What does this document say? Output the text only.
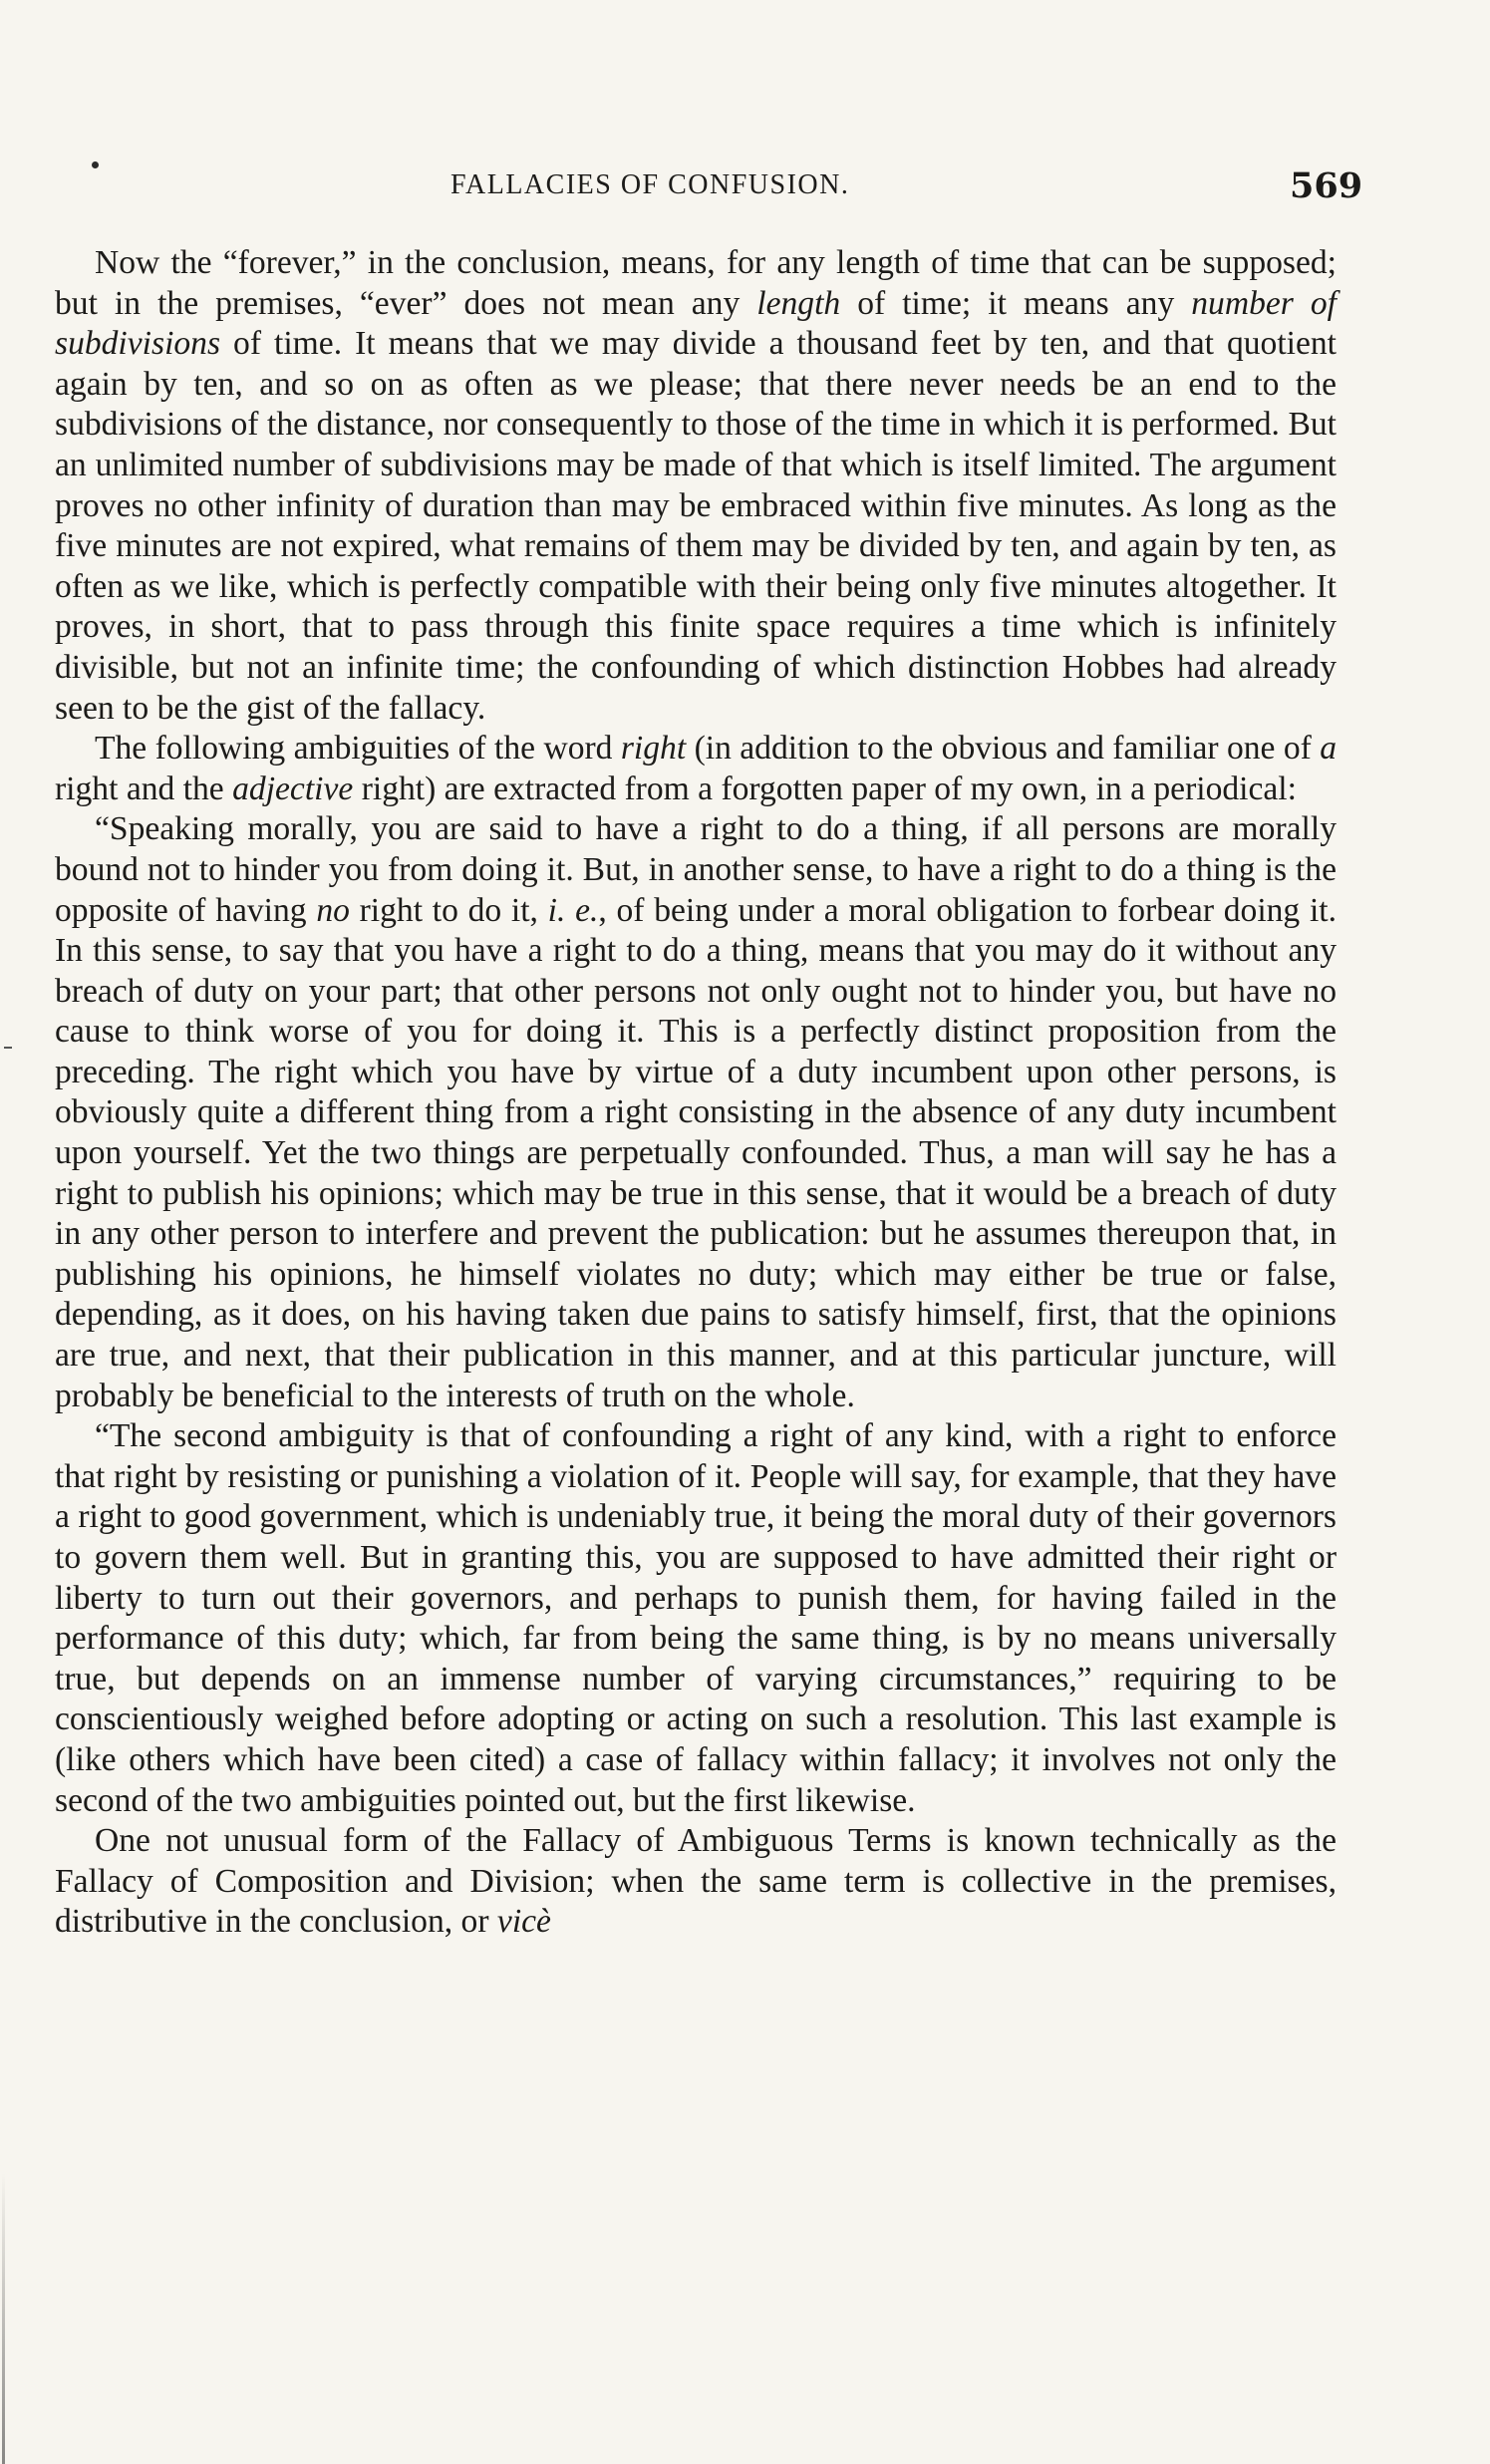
FALLACIES OF CONFUSION.	569

Now the “forever,” in the conclusion, means, for any length of time that can be supposed; but in the premises, “ever” does not mean any length of time; it means any number of subdivisions of time. It means that we may divide a thousand feet by ten, and that quotient again by ten, and so on as often as we please; that there never needs be an end to the subdivisions of the distance, nor consequently to those of the time in which it is performed. But an unlimited number of subdivisions may be made of that which is itself limited. The argument proves no other infinity of duration than may be embraced within five minutes. As long as the five minutes are not expired, what remains of them may be divided by ten, and again by ten, as often as we like, which is perfectly compatible with their being only five minutes altogether. It proves, in short, that to pass through this finite space requires a time which is infinitely divisible, but not an infinite time; the confounding of which distinction Hobbes had already seen to be the gist of the fallacy.

The following ambiguities of the word right (in addition to the obvious and familiar one of a right and the adjective right) are extracted from a forgotten paper of my own, in a periodical:

“Speaking morally, you are said to have a right to do a thing, if all persons are morally bound not to hinder you from doing it. But, in another sense, to have a right to do a thing is the opposite of having no right to do it, i. e., of being under a moral obligation to forbear doing it. In this sense, to say that you have a right to do a thing, means that you may do it without any breach of duty on your part; that other persons not only ought not to hinder you, but have no cause to think worse of you for doing it. This is a perfectly distinct proposition from the preceding. The right which you have by virtue of a duty incumbent upon other persons, is obviously quite a different thing from a right consisting in the absence of any duty incumbent upon yourself. Yet the two things are perpetually confounded. Thus, a man will say he has a right to publish his opinions; which may be true in this sense, that it would be a breach of duty in any other person to interfere and prevent the publication: but he assumes thereupon that, in publishing his opinions, he himself violates no duty; which may either be true or false, depending, as it does, on his having taken due pains to satisfy himself, first, that the opinions are true, and next, that their publication in this manner, and at this particular juncture, will probably be beneficial to the interests of truth on the whole.

“The second ambiguity is that of confounding a right of any kind, with a right to enforce that right by resisting or punishing a violation of it. People will say, for example, that they have a right to good government, which is undeniably true, it being the moral duty of their governors to govern them well. But in granting this, you are supposed to have admitted their right or liberty to turn out their governors, and perhaps to punish them, for having failed in the performance of this duty; which, far from being the same thing, is by no means universally true, but depends on an immense number of varying circumstances,” requiring to be conscientiously weighed before adopting or acting on such a resolution. This last example is (like others which have been cited) a case of fallacy within fallacy; it involves not only the second of the two ambiguities pointed out, but the first likewise.

One not unusual form of the Fallacy of Ambiguous Terms is known technically as the Fallacy of Composition and Division; when the same term is collective in the premises, distributive in the conclusion, or vicè
